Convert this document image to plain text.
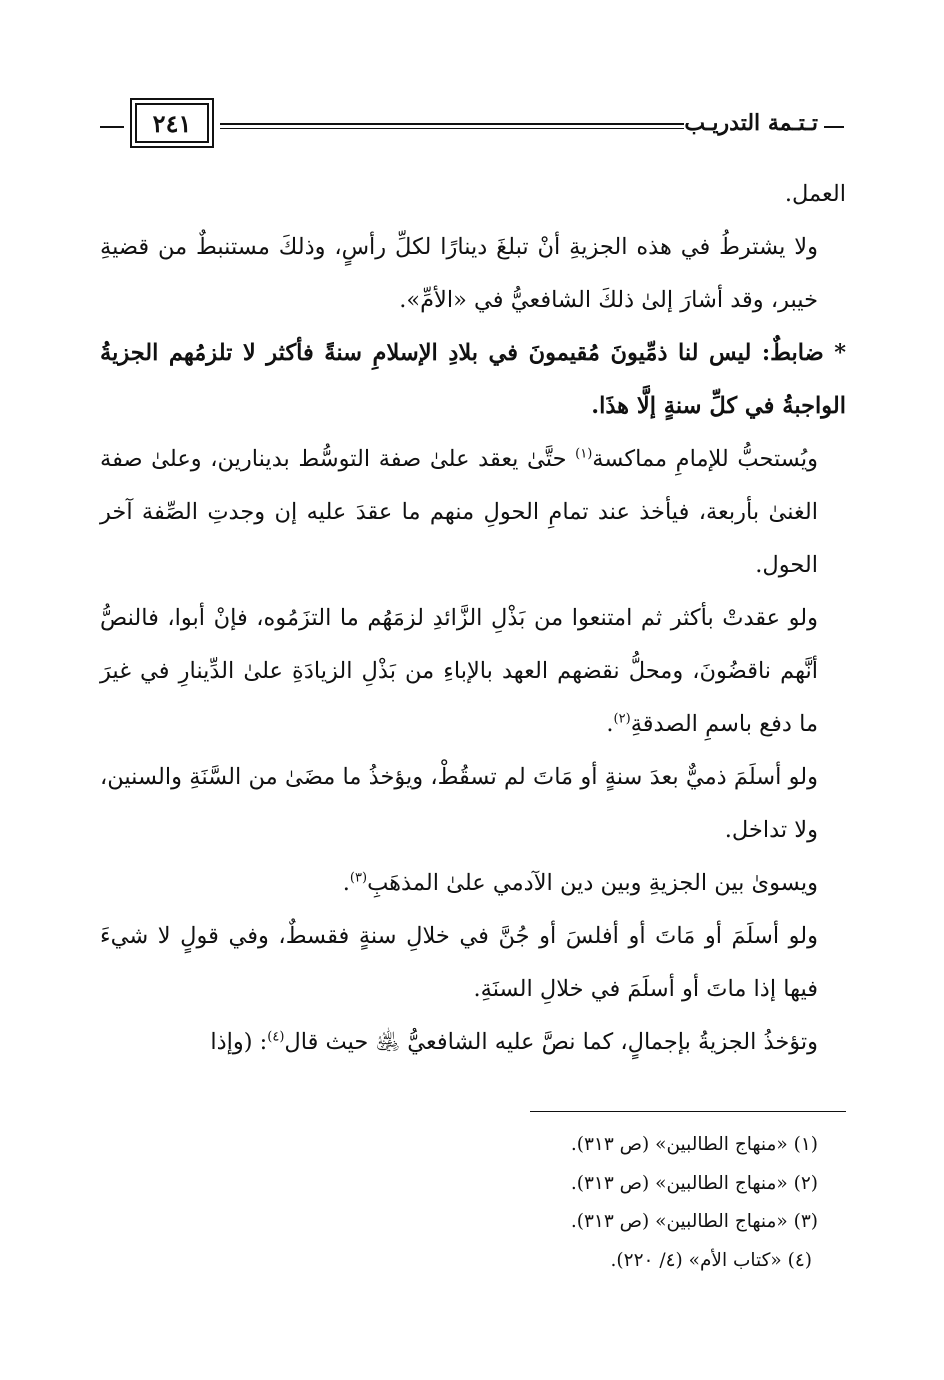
تـتـمة التدريـب
٢٤١

العمل.

ولا يشترطُ في هذه الجزيةِ أنْ تبلغَ دينارًا لكلِّ رأسٍ، وذلكَ مستنبطٌ من قضيةِ خيبر، وقد أشارَ إلىٰ ذلكَ الشافعيُّ في «الأمِّ».

* ضابطٌ: ليس لنا ذمِّيونَ مُقيمونَ في بلادِ الإسلامِ سنةً فأكثر لا تلزمُهم الجزيةُ الواجبةُ في كلِّ سنةٍ إلَّا هذَا.

ويُستحبُّ للإمامِ مماكسة$^{(١)}$ حتَّىٰ يعقد علىٰ صفة التوسُّط بدينارين، وعلىٰ صفة الغنىٰ بأربعة، فيأخذ عند تمامِ الحولِ منهم ما عقدَ عليه إن وجدتِ الصِّفة آخر الحول.

ولو عقدتْ بأكثر ثم امتنعوا من بَذْلِ الزَّائدِ لزمَهُم ما التزَمُوه، فإنْ أبوا، فالنصُّ أنَّهم ناقضُونَ، ومحلُّ نقضهم العهد بالإباءِ من بَذْلِ الزيادَةِ علىٰ الدِّينارِ في غيرَ ما دفع باسمِ الصدقةِ$^{(٢)}$.

ولو أسلَمَ ذميٌّ بعدَ سنةٍ أو مَاتَ لم تسقُطْ، ويؤخذُ ما مضَىٰ من السَّنَةِ والسنين، ولا تداخل.

ويسوىٰ بين الجزيةِ وبين دين الآدمي علىٰ المذهَبِ$^{(٣)}$.

ولو أسلَمَ أو مَاتَ أو أفلسَ أو جُنَّ في خلالِ سنةٍ فقسطٌ، وفي قولٍ لا شيءَ فيها إذا ماتَ أو أسلَمَ في خلالِ السنَةِ.

وتؤخذُ الجزيةُ بإجمالٍ، كما نصَّ عليه الشافعيُّ ﵁ حيث قال$^{(٤)}$: (وإذا

(١) «منهاج الطالبين» (ص ٣١٣).

(٢) «منهاج الطالبين» (ص ٣١٣).

(٣) «منهاج الطالبين» (ص ٣١٣).

(٤) «كتاب الأم» (٤/ ٢٢٠).
